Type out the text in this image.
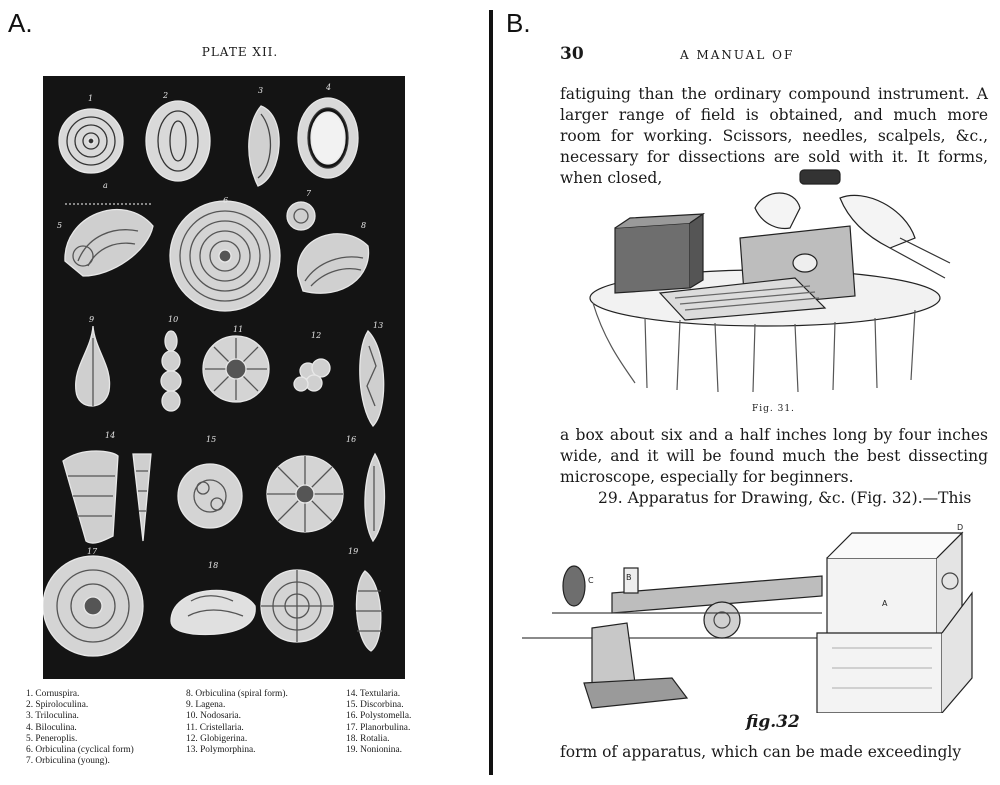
A.	B.
PLATE XII.
1	2
3	4
5
a
6
7
8
9	10
11
12
13
14	15	16
17
18
19
1. Cornuspira.
2. Spiroloculina.
3. Triloculina.
4. Biloculina.
5. Peneroplis.
6. Orbiculina (cyclical form)
7. Orbiculina (young).
8. Orbiculina (spiral form).
9. Lagena.
10. Nodosaria.
11. Cristellaria.
12. Globigerina.
13. Polymorphina.
14. Textularia.
15. Discorbina.
16. Polystomella.
17. Planorbulina.
18. Rotalia.
19. Nonionina.
30	A MANUAL OF

fatiguing than the ordinary compound instrument. A larger range of field is obtained, and much more room for working. Scissors, needles, scalpels, &c., necessary for dissections are sold with it. It forms, when closed,

Fig. 31.

a box about six and a half inches long by four inches wide, and it will be found much the best dissecting microscope, especially for beginners.

29. Apparatus for Drawing, &c. (Fig. 32).—This

A
B
C
D
fig.32

form of apparatus, which can be made exceedingly
